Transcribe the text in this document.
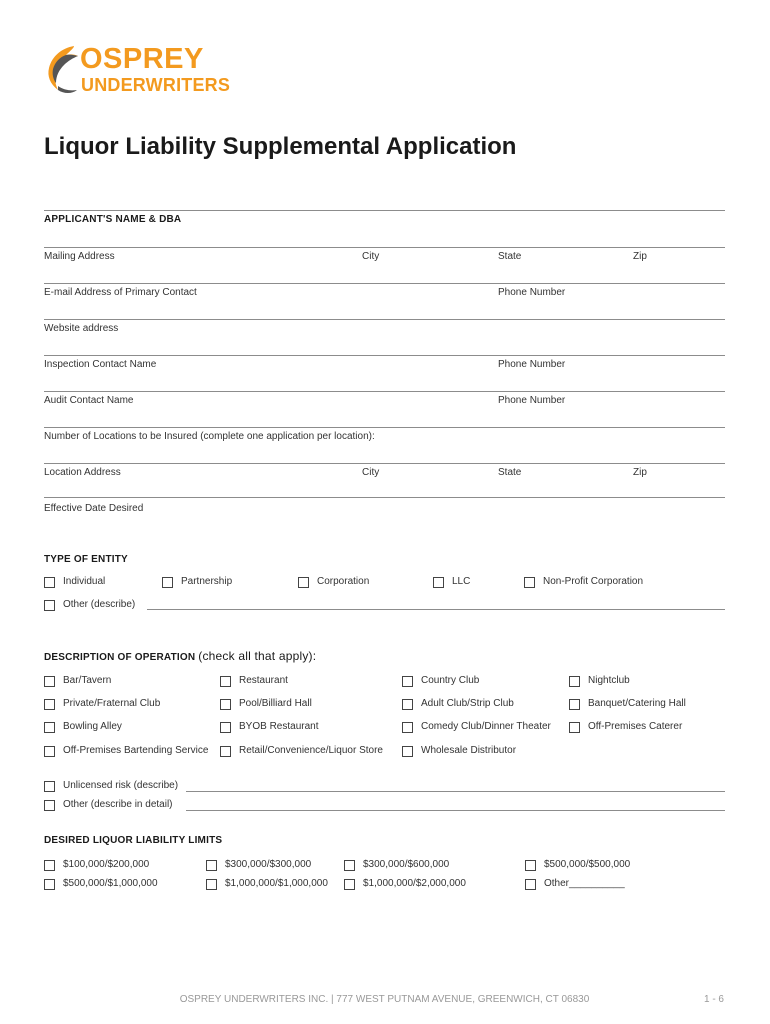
OSPREY
UNDERWRITERS
Liquor Liability Supplemental Application
APPLICANT'S NAME & DBA
Mailing Address	City	State	Zip
E-mail Address of Primary Contact	Phone Number
Website address
Inspection Contact Name	Phone Number
Audit Contact Name	Phone Number
Number of Locations to be Insured (complete one application per location):
Location Address	City	State	Zip
Effective Date Desired
TYPE OF ENTITY
Individual	Partnership	Corporation	LLC	Non-Profit Corporation
Other (describe)
DESCRIPTION OF OPERATION (check all that apply):
Bar/Tavern
Private/Fraternal Club
Bowling Alley
Off-Premises Bartending Service
Restaurant
Pool/Billiard Hall
BYOB Restaurant
Retail/Convenience/Liquor Store
Country Club
Adult Club/Strip Club
Comedy Club/Dinner Theater
Wholesale Distributor
Nightclub
Banquet/Catering Hall
Off-Premises Caterer
Unlicensed risk (describe)
Other (describe in detail)
DESIRED LIQUOR LIABILITY LIMITS
$100,000/$200,000	$300,000/$300,000	$300,000/$600,000	$500,000/$500,000
$500,000/$1,000,000	$1,000,000/$1,000,000	$1,000,000/$2,000,000	Other__________
OSPREY UNDERWRITERS INC. | 777 WEST PUTNAM AVENUE, GREENWICH, CT 06830	1 - 6
